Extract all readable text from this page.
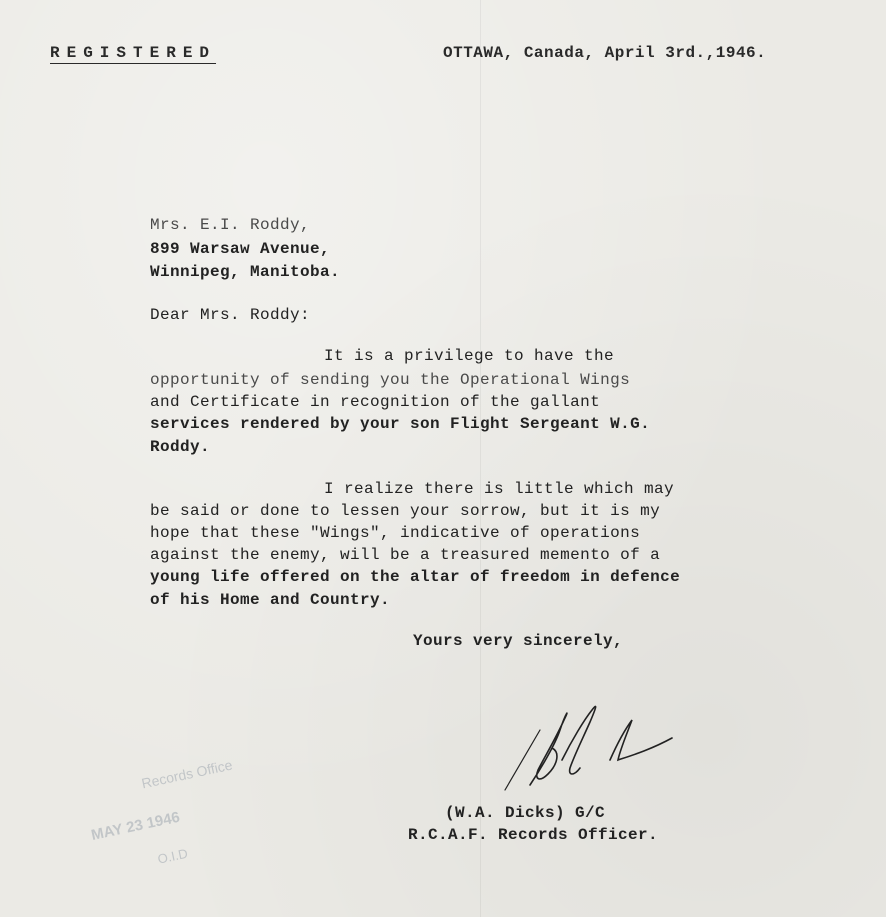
REGISTERED	OTTAWA, Canada, April 3rd.,1946.
Mrs. E.I. Roddy,
899 Warsaw Avenue,
Winnipeg, Manitoba.
Dear Mrs. Roddy:
It is a privilege to have the
opportunity of sending you the Operational Wings
and Certificate in recognition of the gallant
services rendered by your son Flight Sergeant W.G.
Roddy.
I realize there is little which may
be said or done to lessen your sorrow, but it is my
hope that these "Wings", indicative of operations
against the enemy, will be a treasured memento of a
young life offered on the altar of freedom in defence
of his Home and Country.
Yours very sincerely,
(W.A. Dicks) G/C
R.C.A.F. Records Officer.
Records Office
MAY 23 1946
O.I.D
